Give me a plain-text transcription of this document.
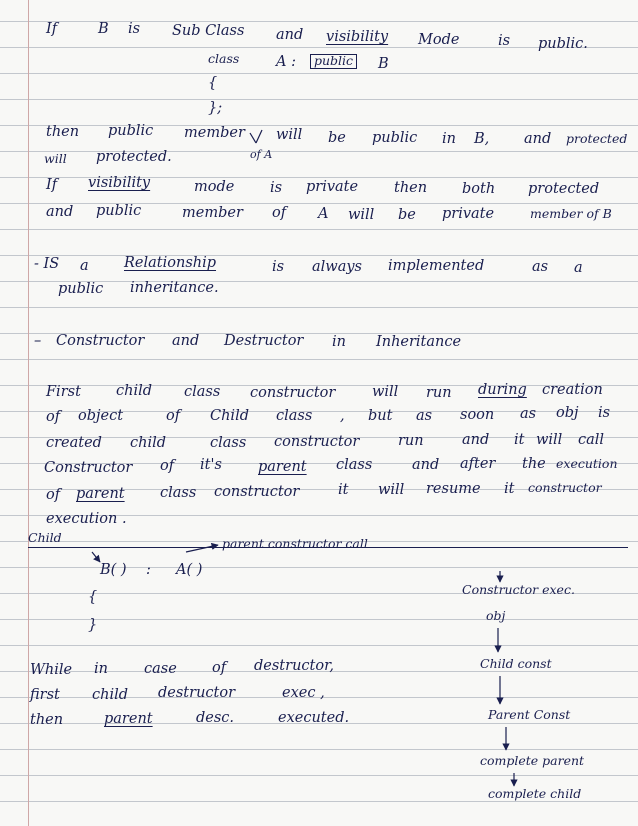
If	B is Sub Class and visibility Mode	is public.
class	A :	public B
{
};
then public member will be public in B, and protected
will protected.	of A
If visibility	mode is private then both protected
and public	member of A will be private	member of B
- IS a Relationship	is always implemented	as a
public inheritance.
– Constructor and Destructor in Inheritance
First child class constructor	will run during creation
of object	of Child class , but as soon as obj is
created child	class constructor	run	and it will call
Constructor of it's parent class	and after the execution
of parent class constructor	it will resume it constructor
execution .
Child	parent constructor call
B( ) : A( )
{
}
Constructor exec.
obj
Child const
Parent Const
complete parent
complete child
While in case of destructor,
first child destructor	exec ,
then	parent	desc.	executed.
